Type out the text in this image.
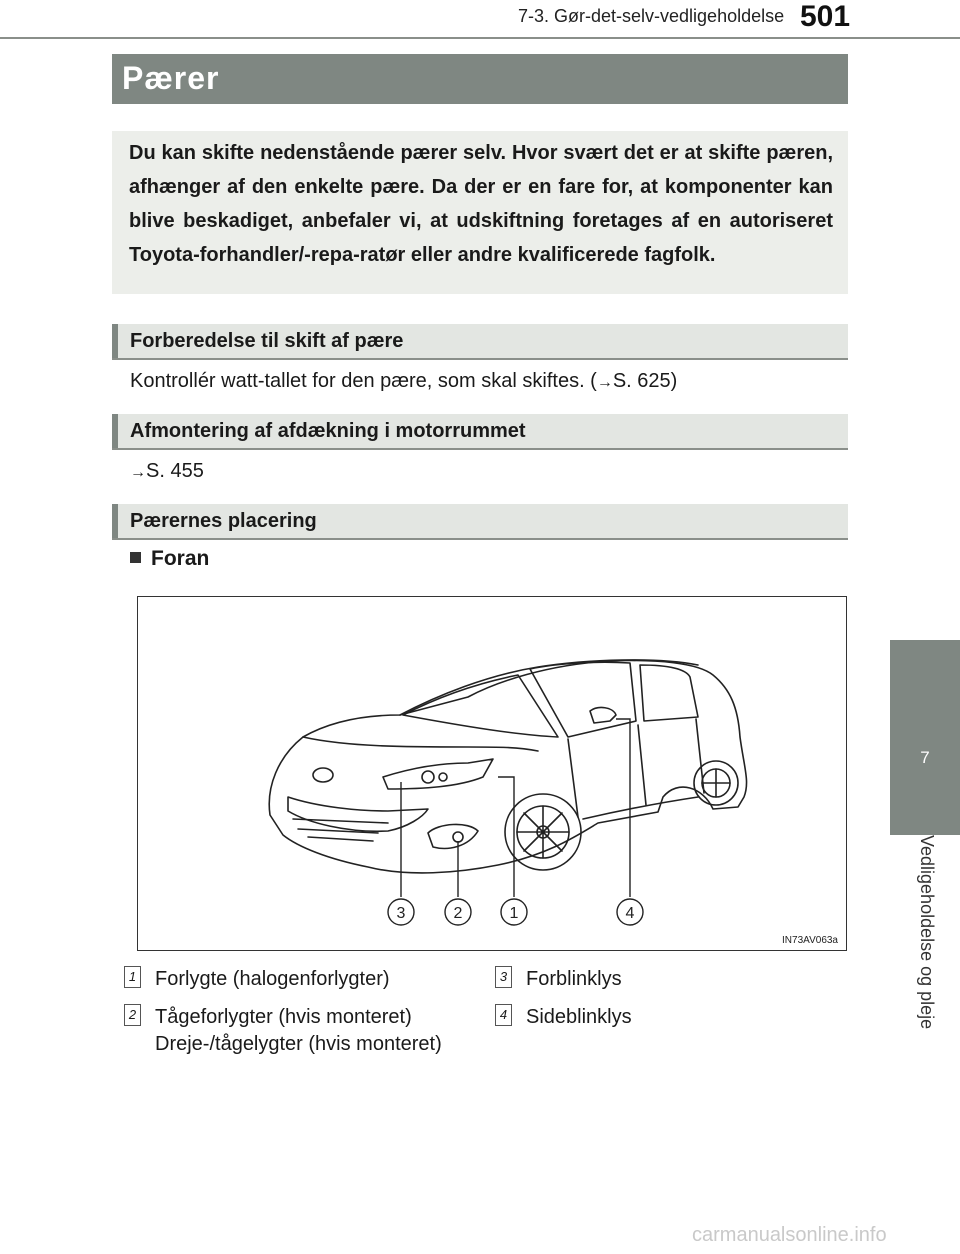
7-3. Gør-det-selv-vedligeholdelse 501
7
Vedligeholdelse og pleje
Pærer

Du kan skifte nedenstående pærer selv. Hvor svært det er at skifte pæren, afhænger af den enkelte pære. Da der er en fare for, at komponenter kan blive beskadiget, anbefaler vi, at udskiftning foretages af en autoriseret Toyota-forhandler/-repa-ratør eller andre kvalificerede fagfolk.

Forberedelse til skift af pære
Kontrollér watt-tallet for den pære, som skal skiftes. (→S. 625)
Afmontering af afdækning i motorrummet
→S. 455
Pærernes placering
Foran
3	2	1	4
IN73AV063a
1 Forlygte (halogenforlygter)
2 Tågeforlygter (hvis monteret) Dreje-/tågelygter (hvis monteret)
3 Forblinklys
4 Sideblinklys
carmanualsonline.info
